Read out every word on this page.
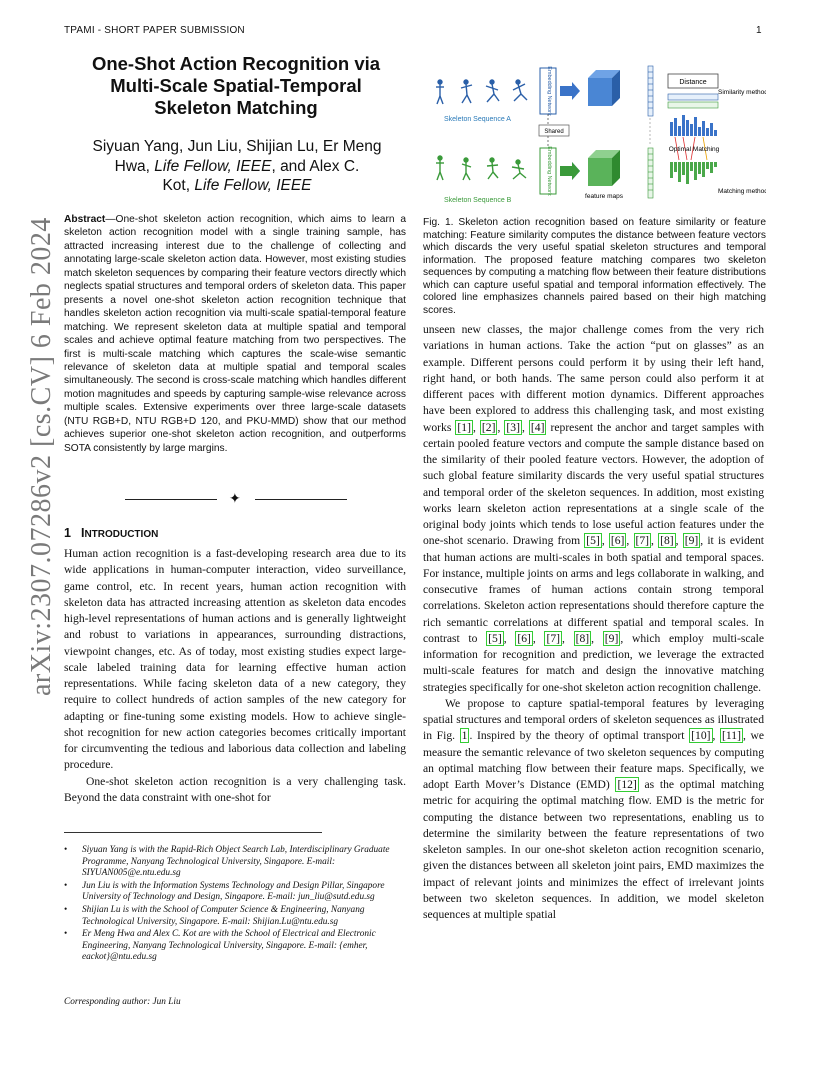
TPAMI - SHORT PAPER SUBMISSION	1
arXiv:2307.07286v2 [cs.CV] 6 Feb 2024
One-Shot Action Recognition via Multi-Scale Spatial-Temporal Skeleton Matching
Siyuan Yang, Jun Liu, Shijian Lu, Er Meng
Hwa, Life Fellow, IEEE, and Alex C.
Kot, Life Fellow, IEEE
Abstract—One-shot skeleton action recognition, which aims to learn a skeleton action recognition model with a single training sample, has attracted increasing interest due to the challenge of collecting and annotating large-scale skeleton action data. However, most existing studies match skeleton sequences by comparing their feature vectors directly which neglects spatial structures and temporal orders of skeleton data. This paper presents a novel one-shot skeleton action recognition technique that handles skeleton action recognition via multi-scale spatial-temporal feature matching. We represent skeleton data at multiple spatial and temporal scales and achieve optimal feature matching from two perspectives. The first is multi-scale matching which captures the scale-wise semantic relevance of skeleton data at multiple spatial and temporal scales simultaneously. The second is cross-scale matching which handles different motion magnitudes and speeds by capturing sample-wise relevance across multiple scales. Extensive experiments over three large-scale datasets (NTU RGB+D, NTU RGB+D 120, and PKU-MMD) show that our method achieves superior one-shot skeleton action recognition, and outperforms SOTA consistently by large margins.
✦
1 INTRODUCTION

Human action recognition is a fast-developing research area due to its wide applications in human-computer interaction, video surveillance, game control, etc. In recent years, human action recognition with skeleton data has attracted increasing attention as skeleton data encodes high-level representations of human actions and is generally lightweight and robust to variations in appearances, surrounding distractions, viewpoint changes, etc. As of today, most existing studies expect large-scale labeled training data for learning effective human action representations. While facing skeleton data of a new category, they require to collect hundreds of action samples of the new category for adapting or fine-tuning some existing models. How to achieve single-shot recognition for new action categories becomes critically important for circumventing the tedious and laborious data collection and labeling procedure.

One-shot skeleton action recognition is a very challenging task. Beyond the data constraint with one-shot for

• Siyuan Yang is with the Rapid-Rich Object Search Lab, Interdisciplinary Graduate Programme, Nanyang Technological University, Singapore. E-mail: SIYUAN005@e.ntu.edu.sg
• Jun Liu is with the Information Systems Technology and Design Pillar, Singapore University of Technology and Design, Singapore. E-mail: jun_liu@sutd.edu.sg
• Shijian Lu is with the School of Computer Science & Engineering, Nanyang Technological University, Singapore. E-mail: Shijian.Lu@ntu.edu.sg
• Er Meng Hwa and Alex C. Kot are with the School of Electrical and Electronic Engineering, Nanyang Technological University, Singapore. E-mail: {emher, eackot}@ntu.edu.sg
Corresponding author: Jun Liu
Skeleton Sequence A
Skeleton Sequence B
Embedding Network
Embedding Network
Shared
feature maps
Distance
Similarity method
Optimal Matching
Matching method
Fig. 1. Skeleton action recognition based on feature similarity or feature matching: Feature similarity computes the distance between feature vectors which discards the very useful spatial skeleton structures and temporal information. The proposed feature matching compares two skeleton sequences by computing a matching flow between their feature distributions which can capture useful spatial and temporal information effectively. The colored line emphasizes channels paired based on their high matching scores.

unseen new classes, the major challenge comes from the very rich variations in human actions. Take the action “put on glasses” as an example. Different persons could perform it by using their left hand, right hand, or both hands. The same person could also perform it at different paces with different motion dynamics. Different approaches have been explored to address this challenging task, and most existing works [1] , [2] , [3] , [4] represent the anchor and target samples with certain pooled feature vectors and compute the sample distance based on the similarity of their pooled feature vectors. However, the adoption of such global feature similarity discards the very useful spatial structures and temporal order of the skeleton sequences. In addition, most existing works learn skeleton action representations at a single scale of the original body joints which tends to lose useful action features under the one-shot scenario. Drawing from [5] , [6] , [7] , [8] , [9] , it is evident that human actions are multi-scales in both spatial and temporal spaces. For instance, multiple joints on arms and legs collaborate in walking, and consecutive frames of human actions contain strong temporal correlations. Skeleton action representations should therefore capture the rich semantic correlations at different spatial and temporal scales. In contrast to [5] , [6] , [7] , [8] , [9] , which employ multi-scale information for recognition and prediction, we leverage the extracted multi-scale features for match and design the innovative matching strategies specifically for one-shot skeleton action recognition challenge.

We propose to capture spatial-temporal features by leveraging spatial structures and temporal orders of skeleton sequences as illustrated in Fig. 1 . Inspired by the theory of optimal transport [10] , [11] , we measure the semantic relevance of two skeleton sequences by computing an optimal matching flow between their feature maps. Specifically, we adopt Earth Mover’s Distance (EMD) [12] as the optimal matching metric for acquiring the optimal matching flow. EMD is the metric for computing the distance between two representations, enabling us to determine the similarity between the feature representations of two skeleton samples. In our one-shot skeleton action recognition scenario, given the distances between all skeleton joint pairs, EMD maximizes the impact of relevant joints and minimizes the effect of irrelevant joints between two skeleton sequences. In addition, we model skeleton sequences at multiple spatial
